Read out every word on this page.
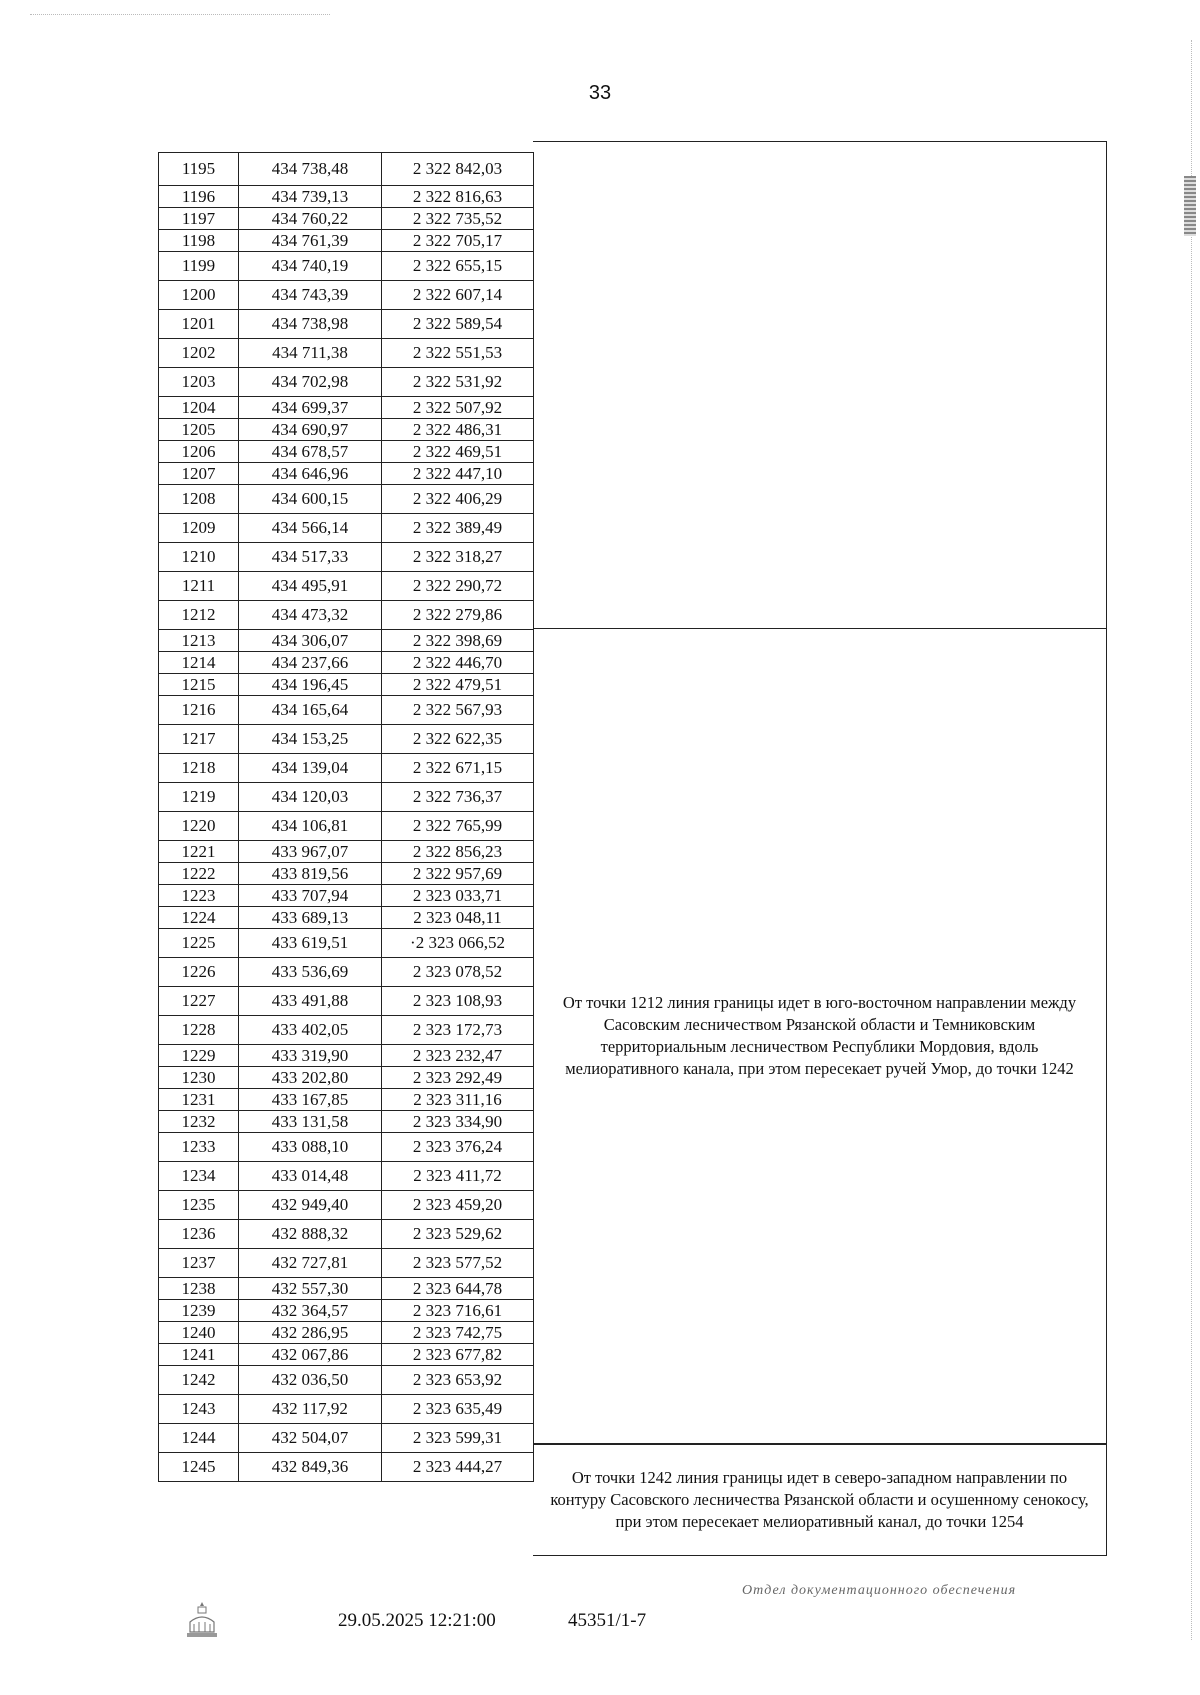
33
1195	434 738,48	2 322 842,03
1196	434 739,13	2 322 816,63
1197	434 760,22	2 322 735,52
1198	434 761,39	2 322 705,17
1199	434 740,19	2 322 655,15
1200	434 743,39	2 322 607,14
1201	434 738,98	2 322 589,54
1202	434 711,38	2 322 551,53
1203	434 702,98	2 322 531,92
1204	434 699,37	2 322 507,92
1205	434 690,97	2 322 486,31
1206	434 678,57	2 322 469,51
1207	434 646,96	2 322 447,10
1208	434 600,15	2 322 406,29
1209	434 566,14	2 322 389,49
1210	434 517,33	2 322 318,27
1211	434 495,91	2 322 290,72
1212	434 473,32	2 322 279,86
1213	434 306,07	2 322 398,69
1214	434 237,66	2 322 446,70
1215	434 196,45	2 322 479,51
1216	434 165,64	2 322 567,93
1217	434 153,25	2 322 622,35
1218	434 139,04	2 322 671,15
1219	434 120,03	2 322 736,37
1220	434 106,81	2 322 765,99
1221	433 967,07	2 322 856,23
1222	433 819,56	2 322 957,69
1223	433 707,94	2 323 033,71
1224	433 689,13	2 323 048,11
1225	433 619,51	·2 323 066,52
1226	433 536,69	2 323 078,52
1227	433 491,88	2 323 108,93
1228	433 402,05	2 323 172,73
1229	433 319,90	2 323 232,47
1230	433 202,80	2 323 292,49
1231	433 167,85	2 323 311,16
1232	433 131,58	2 323 334,90
1233	433 088,10	2 323 376,24
1234	433 014,48	2 323 411,72
1235	432 949,40	2 323 459,20
1236	432 888,32	2 323 529,62
1237	432 727,81	2 323 577,52
1238	432 557,30	2 323 644,78
1239	432 364,57	2 323 716,61
1240	432 286,95	2 323 742,75
1241	432 067,86	2 323 677,82
1242	432 036,50	2 323 653,92
1243	432 117,92	2 323 635,49
1244	432 504,07	2 323 599,31
1245	432 849,36	2 323 444,27
От точки 1212 линия границы идет в юго-восточном направлении между Сасовским лесничеством Рязанской области и Темниковским территориальным лесничеством Республики Мордовия, вдоль мелиоративного канала, при этом пересекает ручей Умор, до точки 1242
От точки 1242 линия границы идет в северо-западном направлении по контуру Сасовского лесничества Рязанской области и осушенному сенокосу, при этом пересекает мелиоративный канал, до точки 1254
29.05.2025 12:21:00	45351/1-7
Отдел документационного обеспечения
